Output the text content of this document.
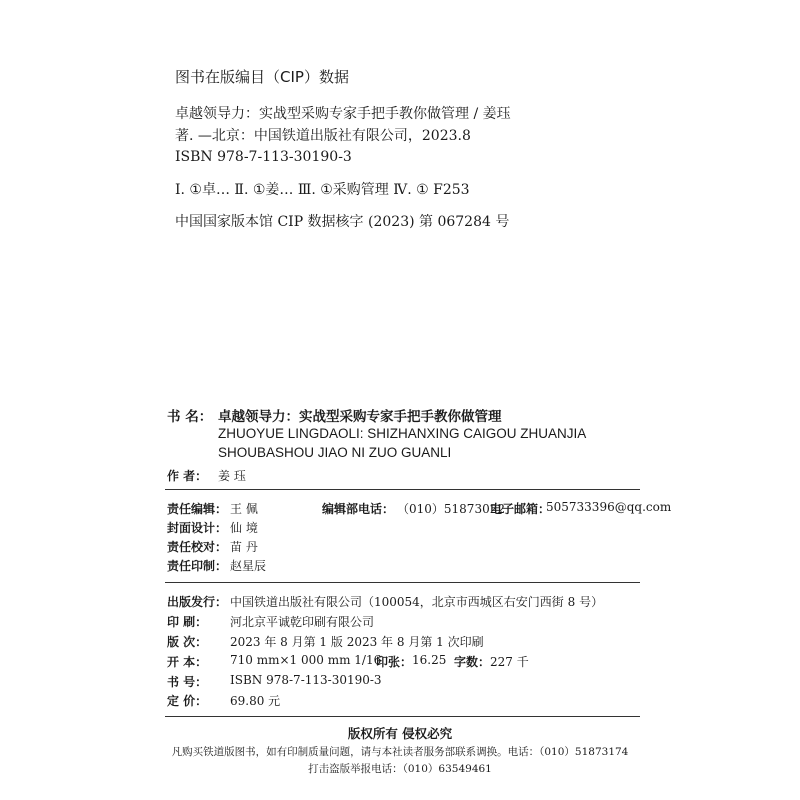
图书在版编目（CIP）数据
卓越领导力：实战型采购专家手把手教你做管理 / 姜珏
著. —北京：中国铁道出版社有限公司，2023.8
ISBN 978-7-113-30190-3
Ⅰ. ①卓… Ⅱ. ①姜… Ⅲ. ①采购管理 Ⅳ. ① F253
中国国家版本馆 CIP 数据核字 (2023) 第 067284 号
书 名： 卓越领导力：实战型采购专家手把手教你做管理
ZHUOYUE LINGDAOLI: SHIZHANXING CAIGOU ZHUANJIA
SHOUBASHOU JIAO NI ZUO GUANLI
作 者： 姜 珏
责任编辑： 王 佩	编辑部电话： （010）51873022
电子邮箱：
505733396@qq.com
封面设计： 仙 境
责任校对： 苗 丹
责任印制： 赵星辰
出版发行： 中国铁道出版社有限公司（100054，北京市西城区右安门西街 8 号）
印 刷： 河北京平诚乾印刷有限公司
版 次： 2023 年 8 月第 1 版 2023 年 8 月第 1 次印刷
开 本： 710 mm×1 000 mm 1/16
印张： 16.25 字数： 227 千
书 号： ISBN 978-7-113-30190-3
定 价： 69.80 元
版权所有 侵权必究
凡购买铁道版图书，如有印制质量问题，请与本社读者服务部联系调换。电话：（010）51873174
打击盗版举报电话：（010）63549461
